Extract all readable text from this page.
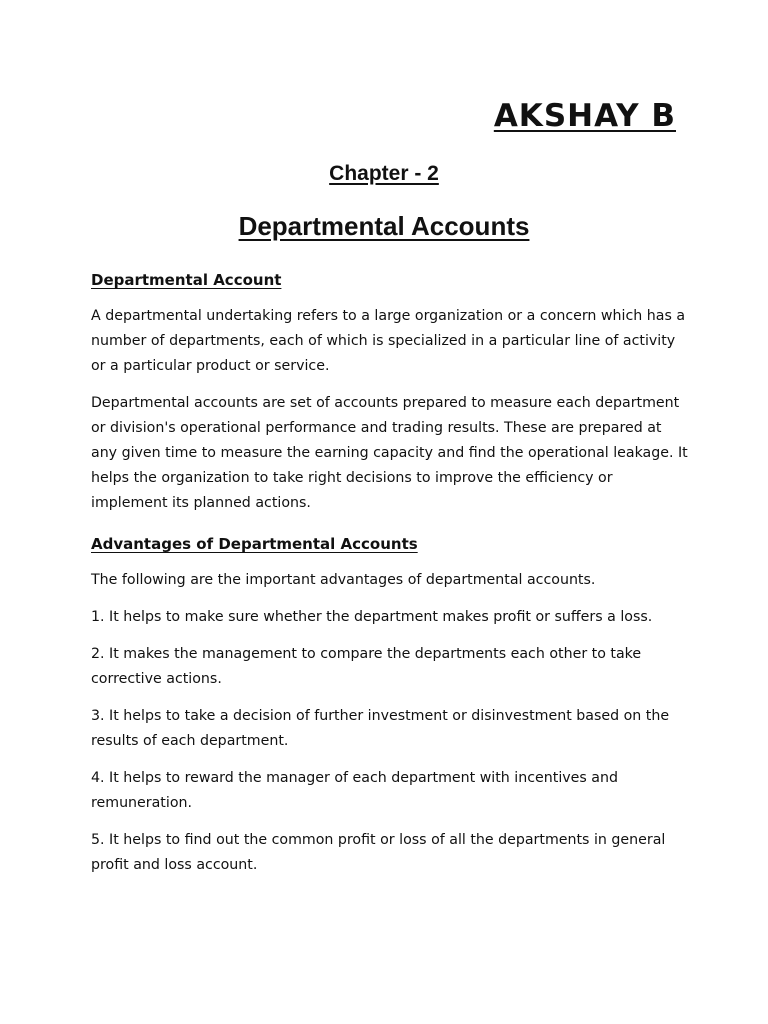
AKSHAY B
Chapter - 2
Departmental Accounts
Departmental Account

A departmental undertaking refers to a large organization or a concern which has a number of departments, each of which is specialized in a particular line of activity or a particular product or service.

Departmental accounts are set of accounts prepared to measure each department or division's operational performance and trading results. These are prepared at any given time to measure the earning capacity and find the operational leakage. It helps the organization to take right decisions to improve the efficiency or implement its planned actions.

Advantages of Departmental Accounts

The following are the important advantages of departmental accounts.

1. It helps to make sure whether the department makes profit or suffers a loss.
2. It makes the management to compare the departments each other to take corrective actions.
3. It helps to take a decision of further investment or disinvestment based on the results of each department.
4. It helps to reward the manager of each department with incentives and remuneration.
5. It helps to find out the common profit or loss of all the departments in general profit and loss account.
